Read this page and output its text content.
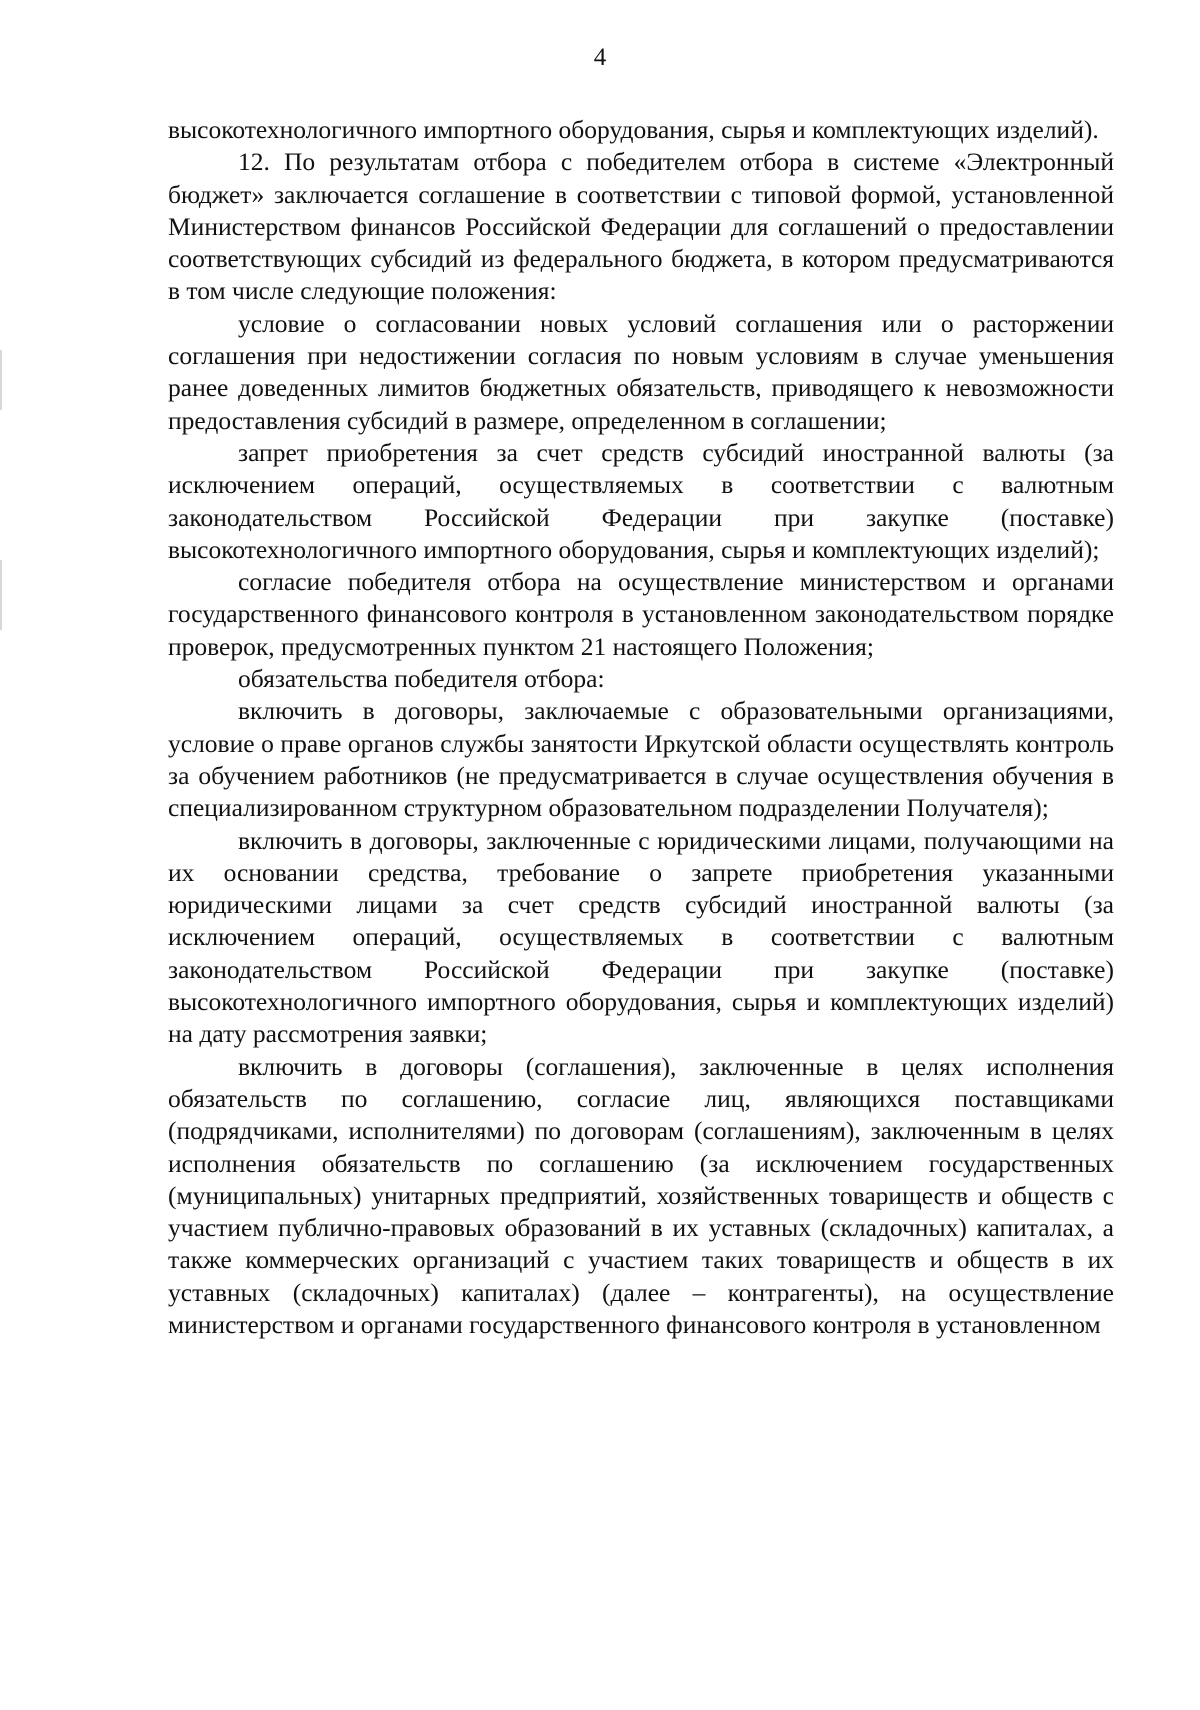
4

высокотехнологичного импортного оборудования, сырья и комплектующих изделий).

12. По результатам отбора с победителем отбора в системе «Электронный бюджет» заключается соглашение в соответствии с типовой формой, установленной Министерством финансов Российской Федерации для соглашений о предоставлении соответствующих субсидий из федерального бюджета, в котором предусматриваются в том числе следующие положения:

условие о согласовании новых условий соглашения или о расторжении соглашения при недостижении согласия по новым условиям в случае уменьшения ранее доведенных лимитов бюджетных обязательств, приводящего к невозможности предоставления субсидий в размере, определенном в соглашении;

запрет приобретения за счет средств субсидий иностранной валюты (за исключением операций, осуществляемых в соответствии с валютным законодательством Российской Федерации при закупке (поставке) высокотехнологичного импортного оборудования, сырья и комплектующих изделий);

согласие победителя отбора на осуществление министерством и органами государственного финансового контроля в установленном законодательством порядке проверок, предусмотренных пунктом 21 настоящего Положения;

обязательства победителя отбора:

включить в договоры, заключаемые с образовательными организациями, условие о праве органов службы занятости Иркутской области осуществлять контроль за обучением работников (не предусматривается в случае осуществления обучения в специализированном структурном образовательном подразделении Получателя);

включить в договоры, заключенные с юридическими лицами, получающими на их основании средства, требование о запрете приобретения указанными юридическими лицами за счет средств субсидий иностранной валюты (за исключением операций, осуществляемых в соответствии с валютным законодательством Российской Федерации при закупке (поставке) высокотехнологичного импортного оборудования, сырья и комплектующих изделий) на дату рассмотрения заявки;

включить в договоры (соглашения), заключенные в целях исполнения обязательств по соглашению, согласие лиц, являющихся поставщиками (подрядчиками, исполнителями) по договорам (соглашениям), заключенным в целях исполнения обязательств по соглашению (за исключением государственных (муниципальных) унитарных предприятий, хозяйственных товариществ и обществ с участием публично-правовых образований в их уставных (складочных) капиталах, а также коммерческих организаций с участием таких товариществ и обществ в их уставных (складочных) капиталах) (далее – контрагенты), на осуществление министерством и органами государственного финансового контроля в установленном
